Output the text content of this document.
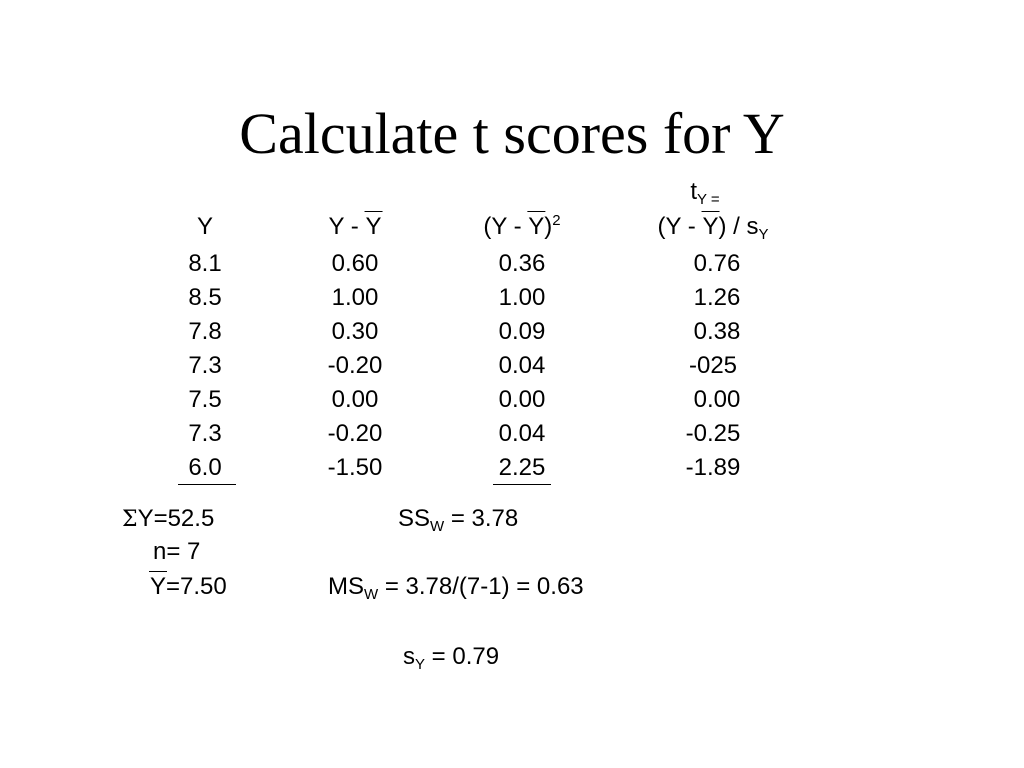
Calculate t scores for Y
$t_{Y =}$
Y	Y - Y	(Y - Y)$^2$	$(Y - Y) / s_Y$
8.1	0.60	0.36	0.76
8.5	1.00	1.00	1.26
7.8	0.30	0.09	0.38
7.3	-0.20	0.04	-025
7.5	0.00	0.00	0.00
7.3	-0.20	0.04	-0.25
6.0	-1.50	2.25	-1.89
ΣY=52.5
n= 7
Y=7.50
$SS_W = 3.78$
$MS_W = 3.78/(7-1) = 0.63$
$s_Y = 0.79$
